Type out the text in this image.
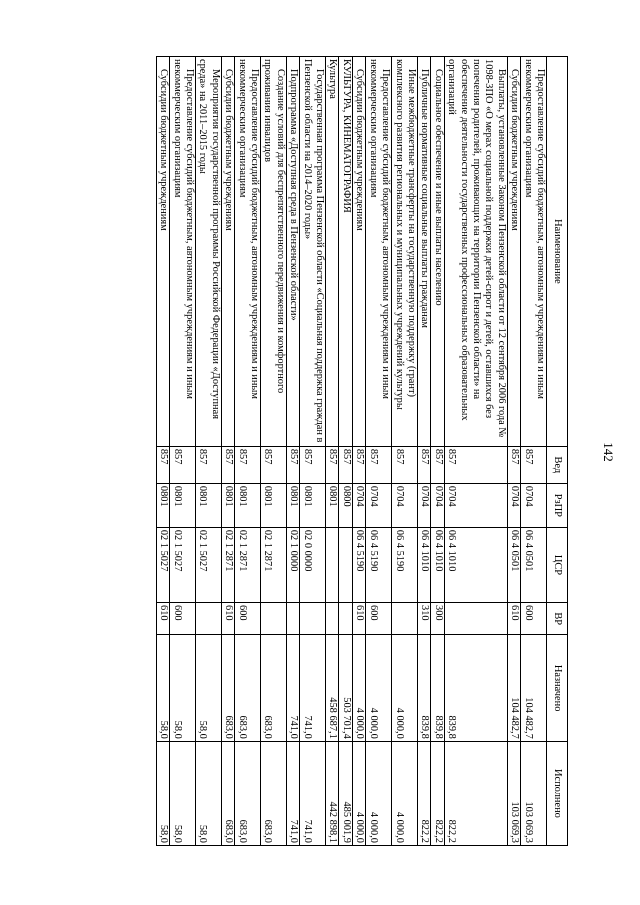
142
Наименование	Вед	РзПР	ЦСР	ВР	Назначено	Исполнено
Предоставление субсидий бюджетным, автономным учреждениям и иным некоммерческим организациям	857	0704	06 4 0501	600	104 482,7	103 069,3
Субсидии бюджетным учреждениям	857	0704	06 4 0501	610	104 482,7	103 069,3
Выплаты, установленные Законом Пензенской области от 12 сентября 2006 года № 1098-ЗПО «О мерах социальной поддержки детей-сирот и детей, оставшихся без попечения родителей, проживающих на территории Пензенской области» на обеспечение деятельности государственных профессиональных образовательных организаций	857	0704	06 4 1010		839,8	822,2
Социальное обеспечение и иные выплаты населению	857	0704	06 4 1010	300	839,8	822,2
Публичные нормативные социальные выплаты гражданам	857	0704	06 4 1010	310	839,8	822,2
Иные межбюджетные трансферты на государственную поддержку (грант) комплексного развития региональных и муниципальных учреждений культуры	857	0704	06 4 5190		4 000,0	4 000,0
Предоставление субсидий бюджетным, автономным учреждениям и иным некоммерческим организациям	857	0704	06 4 5190	600	4 000,0	4 000,0
Субсидии бюджетным учреждениям	857	0704	06 4 5190	610	4 000,0	4 000,0
КУЛЬТУРА, КИНЕМАТОГРАФИЯ	857	0800			503 701,4	485 001,9
Культура	857	0801			458 687,1	442 898,1
Государственная программа Пензенской области «Социальная поддержка граждан в Пензенской области на 2014–2020 годы»	857	0801	02 0 0000		741,0	741,0
Подпрограмма «Доступная среда в Пензенской области»	857	0801	02 1 0000		741,0	741,0
Создание условий для беспрепятственного передвижения и комфортного проживания инвалидов	857	0801	02 1 2871		683,0	683,0
Предоставление субсидий бюджетным, автономным учреждениям и иным некоммерческим организациям	857	0801	02 1 2871	600	683,0	683,0
Субсидии бюджетным учреждениям	857	0801	02 1 2871	610	683,0	683,0
Мероприятия государственной программы Российской Федерации «Доступная среда» на 2011–2015 годы	857	0801	02 1 5027		58,0	58,0
Предоставление субсидий бюджетным, автономным учреждениям и иным некоммерческим организациям	857	0801	02 1 5027	600	58,0	58,0
Субсидии бюджетным учреждениям	857	0801	02 1 5027	610	58,0	58,0
